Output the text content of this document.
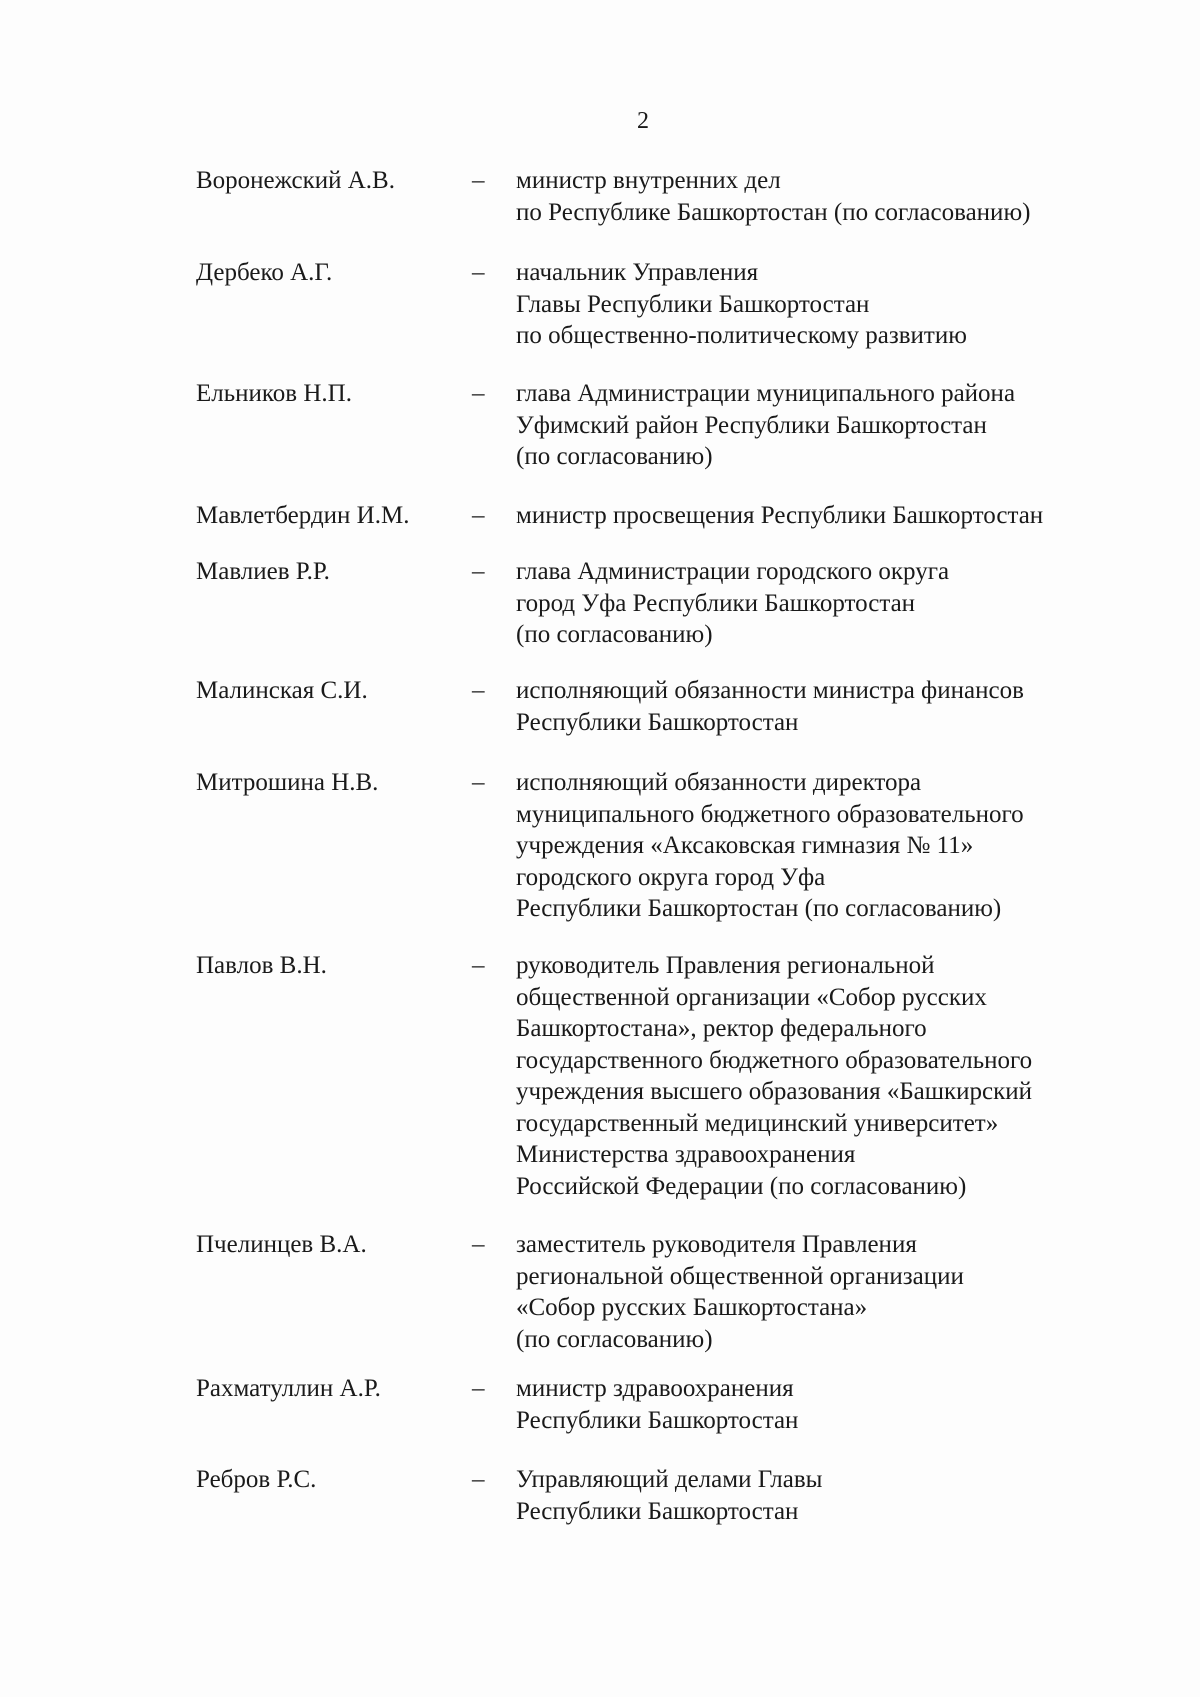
2
Воронежский А.В.	– министр внутренних дел
по Республике Башкортостан (по согласованию)
Дербеко А.Г.	– начальник Управления
Главы Республики Башкортостан
по общественно-политическому развитию
Ельников Н.П.	– глава Администрации муниципального района
Уфимский район Республики Башкортостан
(по согласованию)
Мавлетбердин И.М.	– министр просвещения Республики Башкортостан
Мавлиев Р.Р.	– глава Администрации городского округа
город Уфа Республики Башкортостан
(по согласованию)
Малинская С.И.	– исполняющий обязанности министра финансов
Республики Башкортостан
Митрошина Н.В.	– исполняющий обязанности директора
муниципального бюджетного образовательного
учреждения «Аксаковская гимназия № 11»
городского округа город Уфа
Республики Башкортостан (по согласованию)
Павлов В.Н.	– руководитель Правления региональной
общественной организации «Собор русских
Башкортостана», ректор федерального
государственного бюджетного образовательного
учреждения высшего образования «Башкирский
государственный медицинский университет»
Министерства здравоохранения
Российской Федерации (по согласованию)
Пчелинцев В.А.	– заместитель руководителя Правления
региональной общественной организации
«Собор русских Башкортостана»
(по согласованию)
Рахматуллин А.Р.	– министр здравоохранения
Республики Башкортостан
Ребров Р.С.	– Управляющий делами Главы
Республики Башкортостан
